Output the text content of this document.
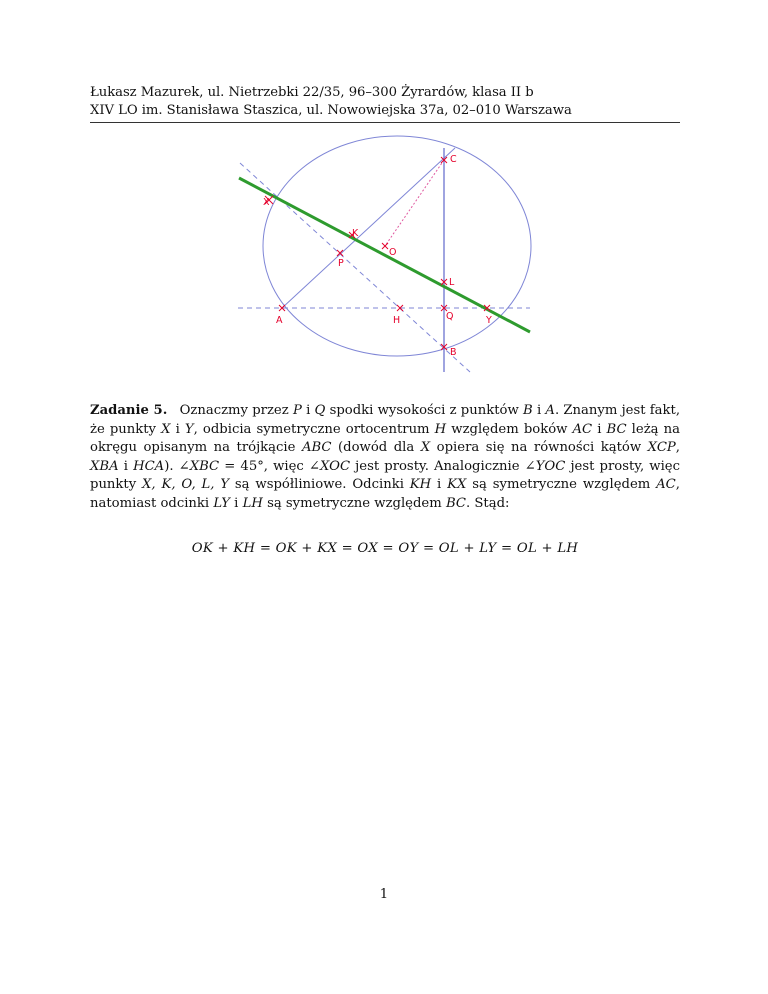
Łukasz Mazurek, ul. Nietrzebki 22/35, 96–300 Żyrardów, klasa II b
XIV LO im. Stanisława Staszica, ul. Nowowiejska 37a, 02–010 Warszawa
C
X
K
O
P
L
A	H	Q	Y
B
Zadanie 5. Oznaczmy przez P i Q spodki wysokości z punktów B i A. Znanym jest fakt, że punkty X i Y, odbicia symetryczne ortocentrum H względem boków AC i BC leżą na okręgu opisanym na trójkącie ABC (dowód dla X opiera się na równości kątów XCP, XBA i HCA). ∠XBC = 45°, więc ∠XOC jest prosty. Analogicznie ∠YOC jest prosty, więc punkty X, K, O, L, Y są współliniowe. Odcinki KH i KX są symetryczne względem AC, natomiast odcinki LY i LH są symetryczne względem BC. Stąd:
OK + KH = OK + KX = OX = OY = OL + LY = OL + LH
1
